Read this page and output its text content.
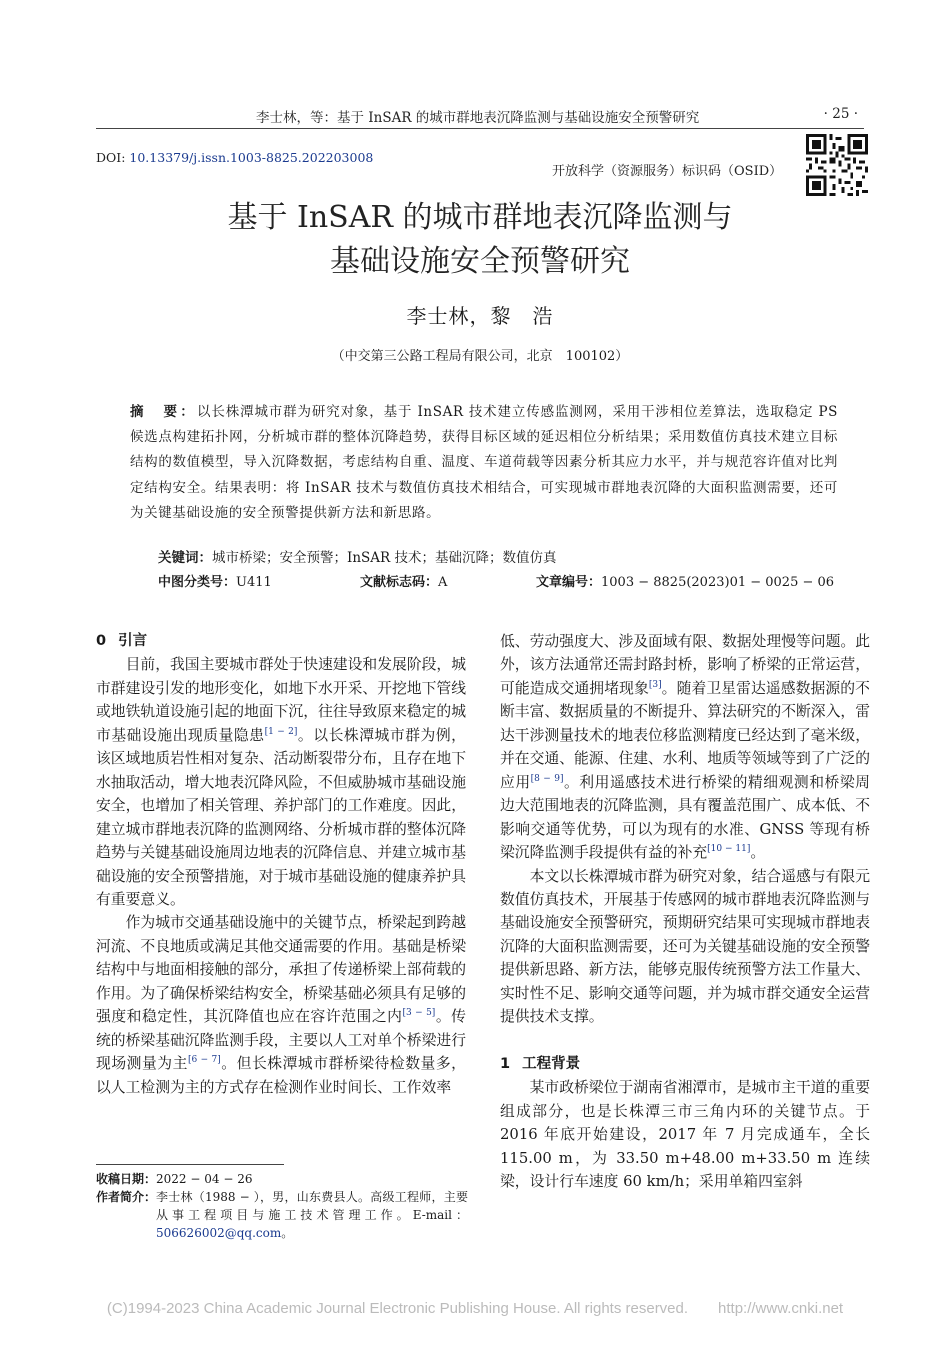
李士林，等：基于 InSAR 的城市群地表沉降监测与基础设施安全预警研究	· 25 ·
DOI: 10.13379/j.issn.1003-8825.202203008
开放科学（资源服务）标识码（OSID）
基于 InSAR 的城市群地表沉降监测与
基础设施安全预警研究
李士林，黎　浩
（中交第三公路工程局有限公司，北京　100102）
摘　要：以长株潭城市群为研究对象，基于 InSAR 技术建立传感监测网，采用干涉相位差算法，选取稳定 PS 候选点构建拓扑网，分析城市群的整体沉降趋势，获得目标区域的延迟相位分析结果；采用数值仿真技术建立目标结构的数值模型，导入沉降数据，考虑结构自重、温度、车道荷载等因素分析其应力水平，并与规范容许值对比判定结构安全。结果表明：将 InSAR 技术与数值仿真技术相结合，可实现城市群地表沉降的大面积监测需要，还可为关键基础设施的安全预警提供新方法和新思路。
关键词：城市桥梁；安全预警；InSAR 技术；基础沉降；数值仿真
中图分类号：U411	文献标志码：A	文章编号：1003 − 8825(2023)01 − 0025 − 06
0 引言

目前，我国主要城市群处于快速建设和发展阶段，城市群建设引发的地形变化，如地下水开采、开挖地下管线或地铁轨道设施引起的地面下沉，往往导致原来稳定的城市基础设施出现质量隐患[1 − 2]。以长株潭城市群为例，该区域地质岩性相对复杂、活动断裂带分布，且存在地下水抽取活动，增大地表沉降风险，不但威胁城市基础设施安全，也增加了相关管理、养护部门的工作难度。因此，建立城市群地表沉降的监测网络、分析城市群的整体沉降趋势与关键基础设施周边地表的沉降信息、并建立城市基础设施的安全预警措施，对于城市基础设施的健康养护具有重要意义。

作为城市交通基础设施中的关键节点，桥梁起到跨越河流、不良地质或满足其他交通需要的作用。基础是桥梁结构中与地面相接触的部分，承担了传递桥梁上部荷载的作用。为了确保桥梁结构安全，桥梁基础必须具有足够的强度和稳定性，其沉降值也应在容许范围之内[3 − 5]。传统的桥梁基础沉降监测手段，主要以人工对单个桥梁进行现场测量为主[6 − 7]。但长株潭城市群桥梁待检数量多，以人工检测为主的方式存在检测作业时间长、工作效率

低、劳动强度大、涉及面域有限、数据处理慢等问题。此外，该方法通常还需封路封桥，影响了桥梁的正常运营，可能造成交通拥堵现象[3]。随着卫星雷达遥感数据源的不断丰富、数据质量的不断提升、算法研究的不断深入，雷达干涉测量技术的地表位移监测精度已经达到了毫米级，并在交通、能源、住建、水利、地质等领域等到了广泛的应用[8 − 9]。利用遥感技术进行桥梁的精细观测和桥梁周边大范围地表的沉降监测，具有覆盖范围广、成本低、不影响交通等优势，可以为现有的水准、GNSS 等现有桥梁沉降监测手段提供有益的补充[10 − 11]。

本文以长株潭城市群为研究对象，结合遥感与有限元数值仿真技术，开展基于传感网的城市群地表沉降监测与基础设施安全预警研究，预期研究结果可实现城市群地表沉降的大面积监测需要，还可为关键基础设施的安全预警提供新思路、新方法，能够克服传统预警方法工作量大、实时性不足、影响交通等问题，并为城市群交通安全运营提供技术支撑。

1 工程背景

某市政桥梁位于湖南省湘潭市，是城市主干道的重要组成部分，也是长株潭三市三角内环的关键节点。于 2016 年底开始建设，2017 年 7 月完成通车，全长 115.00 m，为 33.50 m+48.00 m+33.50 m 连续梁，设计行车速度 60 km/h；采用单箱四室斜

收稿日期： 2022 − 04 − 26
作者简介： 李士林（1988 − ），男，山东费县人。高级工程师，主要从事工程项目与施工技术管理工作。E-mail：506626002@qq.com。
(C)1994-2023 China Academic Journal Electronic Publishing House. All rights reserved.　　http://www.cnki.net
